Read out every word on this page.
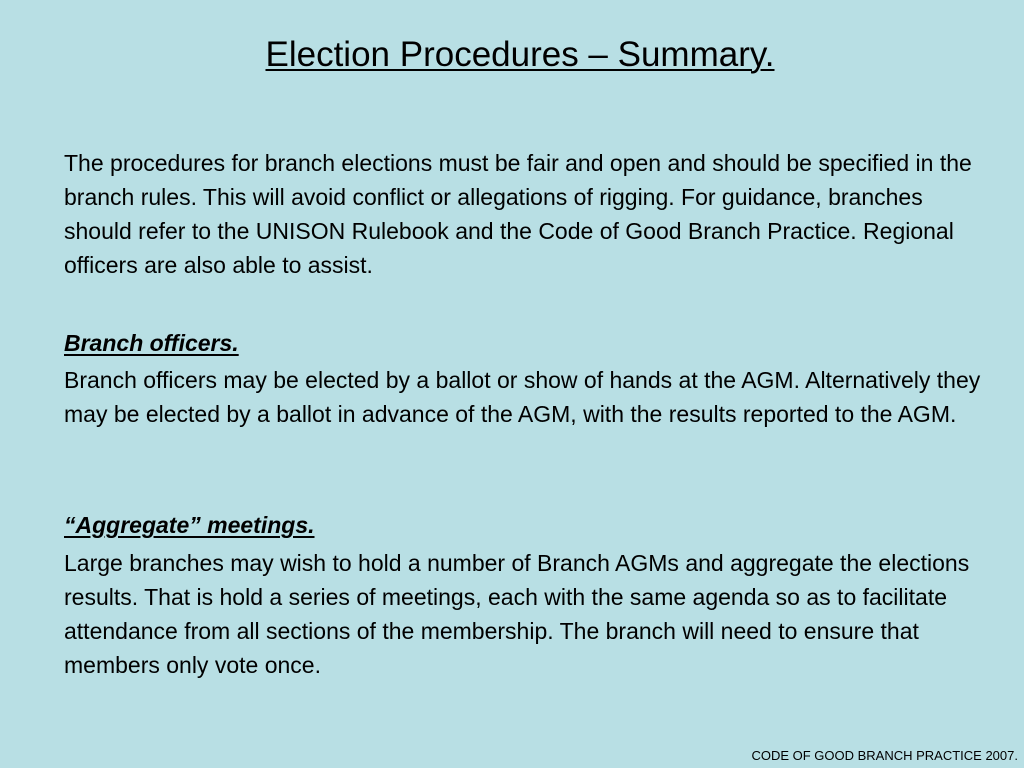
Election Procedures – Summary.

The procedures for branch elections must be fair and open and should be specified in the branch rules. This will avoid conflict or allegations of rigging. For guidance, branches should refer to the UNISON Rulebook and the Code of Good Branch Practice. Regional officers are also able to assist.

Branch officers.

Branch officers may be elected by a ballot or show of hands at the AGM. Alternatively they may be elected by a ballot in advance of the AGM, with the results reported to the AGM.

“Aggregate” meetings.

Large branches may wish to hold a number of Branch AGMs and aggregate the elections results. That is hold a series of meetings, each with the same agenda so as to facilitate attendance from all sections of the membership. The branch will need to ensure that members only vote once.

CODE OF GOOD BRANCH PRACTICE 2007.
